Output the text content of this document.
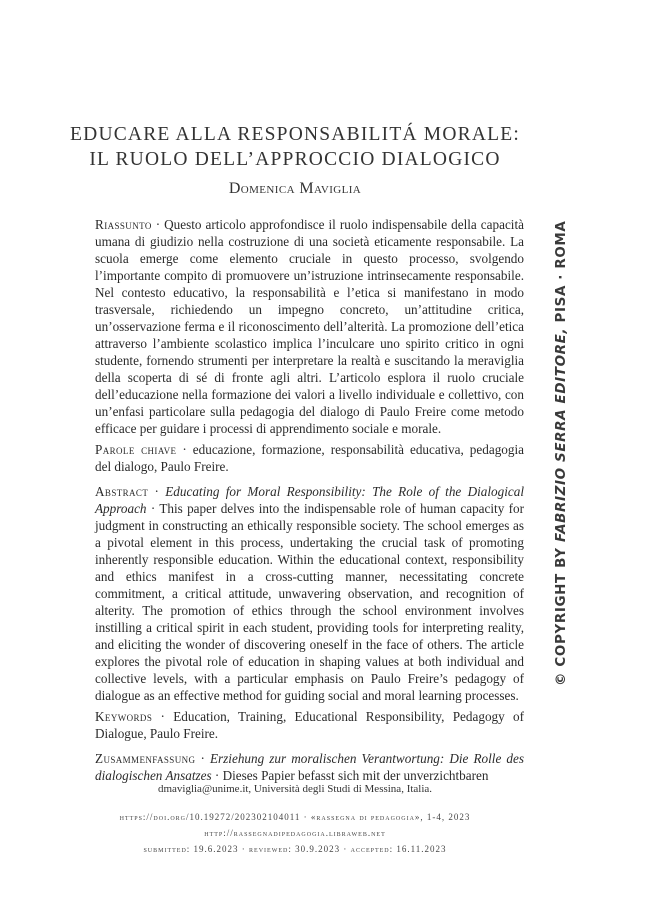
EDUCARE ALLA RESPONSABILITÁ MORALE:
IL RUOLO DELL’APPROCCIO DIALOGICO
Domenica Maviglia

Riassunto · Questo articolo approfondisce il ruolo indispensabile della capacità umana di giudizio nella costruzione di una società eticamente responsabile. La scuola emerge come elemento cruciale in questo processo, svolgendo l’importante compito di promuovere un’istruzione intrinsecamente responsabile. Nel contesto educativo, la responsabilità e l’etica si manifestano in modo trasversale, richiedendo un impegno concreto, un’attitudine critica, un’osservazione ferma e il riconoscimento dell’alterità. La promozione dell’etica attraverso l’ambiente scolastico implica l’inculcare uno spirito critico in ogni studente, fornendo strumenti per interpretare la realtà e suscitando la meraviglia della scoperta di sé di fronte agli altri. L’articolo esplora il ruolo cruciale dell’educazione nella formazione dei valori a livello individuale e collettivo, con un’enfasi particolare sulla pedagogia del dialogo di Paulo Freire come metodo efficace per guidare i processi di apprendimento sociale e morale.

Parole chiave · educazione, formazione, responsabilità educativa, pedagogia del dialogo, Paulo Freire.

Abstract · Educating for Moral Responsibility: The Role of the Dialogical Approach · This paper delves into the indispensable role of human capacity for judgment in constructing an ethically responsible society. The school emerges as a pivotal element in this process, undertaking the crucial task of promoting inherently responsible education. Within the educational context, responsibility and ethics manifest in a cross-cutting manner, necessitating concrete commitment, a critical attitude, unwavering observation, and recognition of alterity. The promotion of ethics through the school environment involves instilling a critical spirit in each student, providing tools for interpreting reality, and eliciting the wonder of discovering oneself in the face of others. The article explores the pivotal role of education in shaping values at both individual and collective levels, with a particular emphasis on Paulo Freire’s pedagogy of dialogue as an effective method for guiding social and moral learning processes.

Keywords · Education, Training, Educational Responsibility, Pedagogy of Dialogue, Paulo Freire.

Zusammenfassung · Erziehung zur moralischen Verantwortung: Die Rolle des dialogischen Ansatzes · Dieses Papier befasst sich mit der unverzichtbaren

dmaviglia@unime.it, Università degli Studi di Messina, Italia.
https://doi.org/10.19272/202302104011 · «rassegna di pedagogia», 1-4, 2023
http://rassegnadipedagogia.libraweb.net
submitted: 19.6.2023 · reviewed: 30.9.2023 · accepted: 16.11.2023
© COPYRIGHT BY FABRIZIO SERRA EDITORE, PISA · ROMA
